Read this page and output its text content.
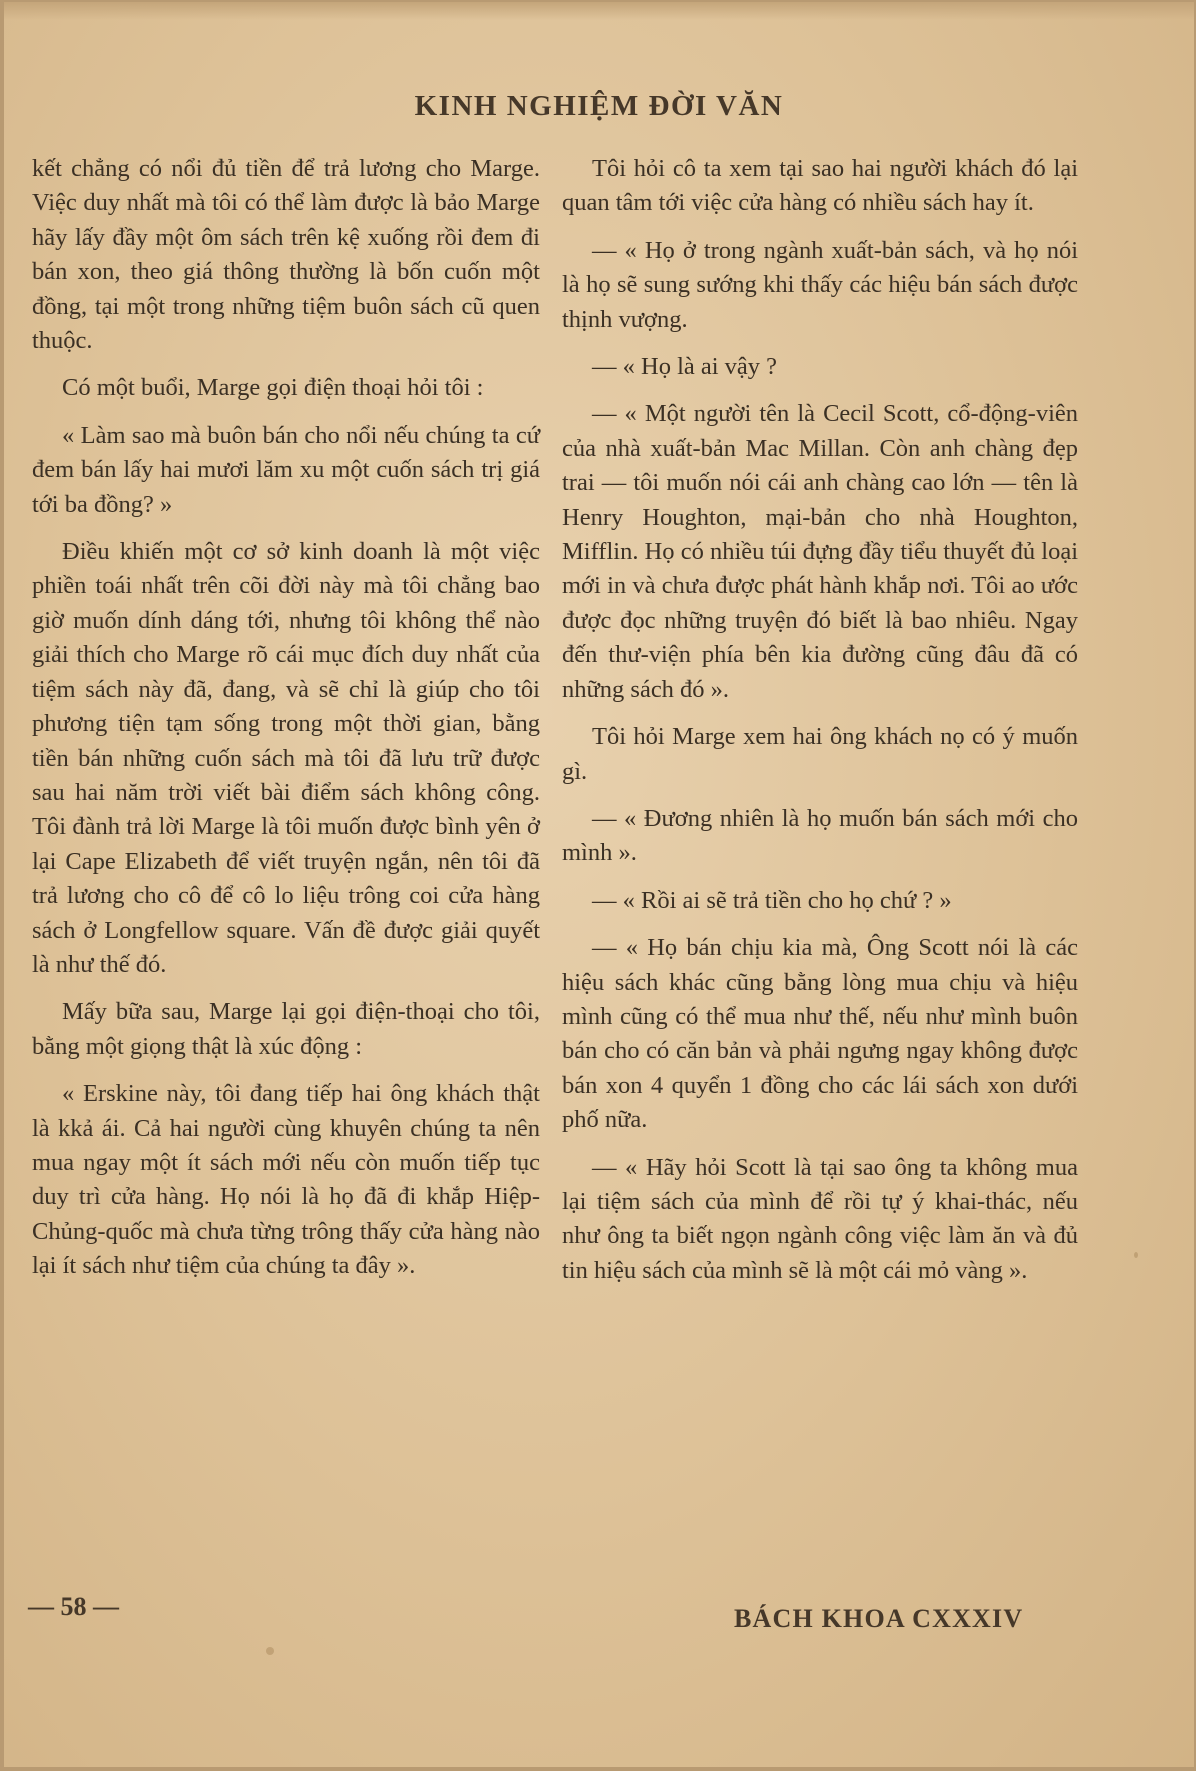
KINH NGHIỆM ĐỜI VĂN

kết chẳng có nổi đủ tiền để trả lương cho Marge. Việc duy nhất mà tôi có thể làm được là bảo Marge hãy lấy đầy một ôm sách trên kệ xuống rồi đem đi bán xon, theo giá thông thường là bốn cuốn một đồng, tại một trong những tiệm buôn sách cũ quen thuộc.

Có một buổi, Marge gọi điện thoại hỏi tôi :

« Làm sao mà buôn bán cho nổi nếu chúng ta cứ đem bán lấy hai mươi lăm xu một cuốn sách trị giá tới ba đồng? »

Điều khiến một cơ sở kinh doanh là một việc phiền toái nhất trên cõi đời này mà tôi chẳng bao giờ muốn dính dáng tới, nhưng tôi không thể nào giải thích cho Marge rõ cái mục đích duy nhất của tiệm sách này đã, đang, và sẽ chỉ là giúp cho tôi phương tiện tạm sống trong một thời gian, bằng tiền bán những cuốn sách mà tôi đã lưu trữ được sau hai năm trời viết bài điểm sách không công. Tôi đành trả lời Marge là tôi muốn được bình yên ở lại Cape Elizabeth để viết truyện ngắn, nên tôi đã trả lương cho cô để cô lo liệu trông coi cửa hàng sách ở Longfellow square. Vấn đề được giải quyết là như thế đó.

Mấy bữa sau, Marge lại gọi điện-thoại cho tôi, bằng một giọng thật là xúc động :

« Erskine này, tôi đang tiếp hai ông khách thật là kkả ái. Cả hai người cùng khuyên chúng ta nên mua ngay một ít sách mới nếu còn muốn tiếp tục duy trì cửa hàng. Họ nói là họ đã đi khắp Hiệp-Chủng-quốc mà chưa từng trông thấy cửa hàng nào lại ít sách như tiệm của chúng ta đây ».

Tôi hỏi cô ta xem tại sao hai người khách đó lại quan tâm tới việc cửa hàng có nhiều sách hay ít.

— « Họ ở trong ngành xuất-bản sách, và họ nói là họ sẽ sung sướng khi thấy các hiệu bán sách được thịnh vượng.

— « Họ là ai vậy ?

— « Một người tên là Cecil Scott, cổ-động-viên của nhà xuất-bản Mac Millan. Còn anh chàng đẹp trai — tôi muốn nói cái anh chàng cao lớn — tên là Henry Houghton, mại-bản cho nhà Houghton, Mifflin. Họ có nhiều túi đựng đầy tiểu thuyết đủ loại mới in và chưa được phát hành khắp nơi. Tôi ao ước được đọc những truyện đó biết là bao nhiêu. Ngay đến thư-viện phía bên kia đường cũng đâu đã có những sách đó ».

Tôi hỏi Marge xem hai ông khách nọ có ý muốn gì.

— « Đương nhiên là họ muốn bán sách mới cho mình ».

— « Rồi ai sẽ trả tiền cho họ chứ ? »

— « Họ bán chịu kia mà, Ông Scott nói là các hiệu sách khác cũng bằng lòng mua chịu và hiệu mình cũng có thể mua như thế, nếu như mình buôn bán cho có căn bản và phải ngưng ngay không được bán xon 4 quyển 1 đồng cho các lái sách xon dưới phố nữa.

— « Hãy hỏi Scott là tại sao ông ta không mua lại tiệm sách của mình để rồi tự ý khai-thác, nếu như ông ta biết ngọn ngành công việc làm ăn và đủ tin hiệu sách của mình sẽ là một cái mỏ vàng ».

— 58 —	BÁCH KHOA CXXXIV
